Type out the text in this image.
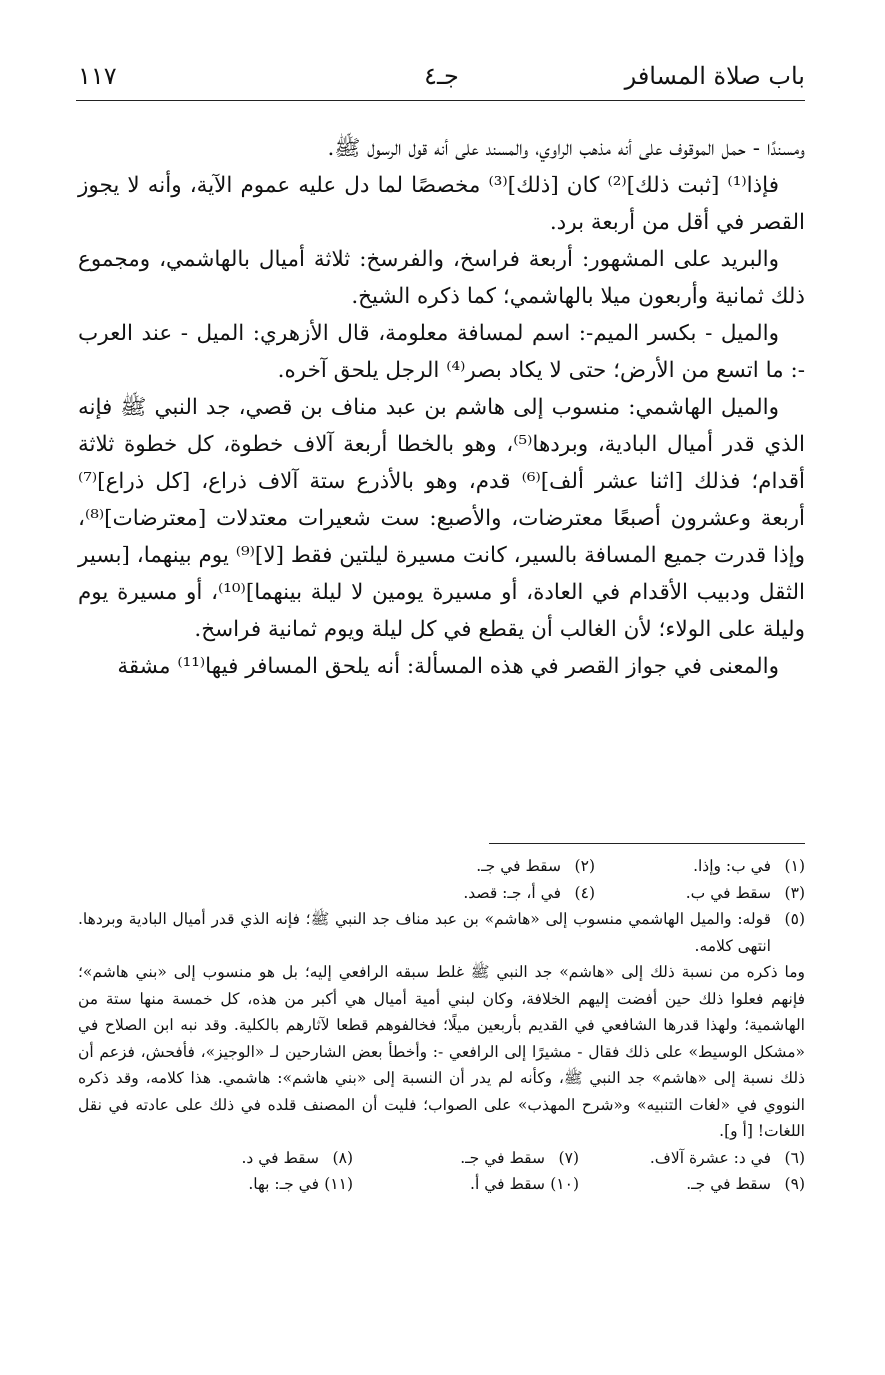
باب صلاة المسافر
جـ٤
١١٧

ومسندًا - حمل الموقوف على أنه مذهب الراوي، والمسند على أنه قول الرسول ﷺ.

فإذا⁽¹⁾ [ثبت ذلك]⁽²⁾ كان [ذلك]⁽³⁾ مخصصًا لما دل عليه عموم الآية، وأنه لا يجوز القصر في أقل من أربعة برد.

والبريد على المشهور: أربعة فراسخ، والفرسخ: ثلاثة أميال بالهاشمي، ومجموع ذلك ثمانية وأربعون ميلا بالهاشمي؛ كما ذكره الشيخ.

والميل - بكسر الميم-: اسم لمسافة معلومة، قال الأزهري: الميل - عند العرب -: ما اتسع من الأرض؛ حتى لا يكاد بصر⁽⁴⁾ الرجل يلحق آخره.

والميل الهاشمي: منسوب إلى هاشم بن عبد مناف بن قصي، جد النبي ﷺ فإنه الذي قدر أميال البادية، وبردها⁽⁵⁾، وهو بالخطا أربعة آلاف خطوة، كل خطوة ثلاثة أقدام؛ فذلك [اثنا عشر ألف]⁽⁶⁾ قدم، وهو بالأذرع ستة آلاف ذراع، [كل ذراع]⁽⁷⁾ أربعة وعشرون أصبعًا معترضات، والأصبع: ست شعيرات معتدلات [معترضات]⁽⁸⁾، وإذا قدرت جميع المسافة بالسير، كانت مسيرة ليلتين فقط [لا]⁽⁹⁾ يوم بينهما، [بسير الثقل ودبيب الأقدام في العادة، أو مسيرة يومين لا ليلة بينهما]⁽¹⁰⁾، أو مسيرة يوم وليلة على الولاء؛ لأن الغالب أن يقطع في كل ليلة ويوم ثمانية فراسخ.

والمعنى في جواز القصر في هذه المسألة: أنه يلحق المسافر فيها⁽¹¹⁾ مشقة

(١)
في ب: وإذا.
(٢)
سقط في جـ.
(٣)
سقط في ب.
(٤)
في أ، جـ: قصد.
(٥)
قوله: والميل الهاشمي منسوب إلى «هاشم» بن عبد مناف جد النبي ﷺ؛ فإنه الذي قدر أميال البادية وبردها. انتهى كلامه.
وما ذكره من نسبة ذلك إلى «هاشم» جد النبي ﷺ غلط سبقه الرافعي إليه؛ بل هو منسوب إلى «بني هاشم»؛ فإنهم فعلوا ذلك حين أفضت إليهم الخلافة، وكان لبني أمية أميال هي أكبر من هذه، كل خمسة منها ستة من الهاشمية؛ ولهذا قدرها الشافعي في القديم بأربعين ميلًا؛ فخالفوهم قطعا لآثارهم بالكلية. وقد نبه ابن الصلاح في «مشكل الوسيط» على ذلك فقال - مشيرًا إلى الرافعي -: وأخطأ بعض الشارحين لـ «الوجيز»، فأفحش، فزعم أن ذلك نسبة إلى «هاشم» جد النبي ﷺ، وكأنه لم يدر أن النسبة إلى «بني هاشم»: هاشمي. هذا كلامه، وقد ذكره النووي في «لغات التنبيه» و«شرح المهذب» على الصواب؛ فليت أن المصنف قلده في ذلك على عادته في نقل اللغات! [أ و].
(٦)
في د: عشرة آلاف.
(٧)
سقط في جـ.
(٨)
سقط في د.
(٩)
سقط في جـ.
(١٠)
سقط في أ.
(١١)
في جـ: بها.
